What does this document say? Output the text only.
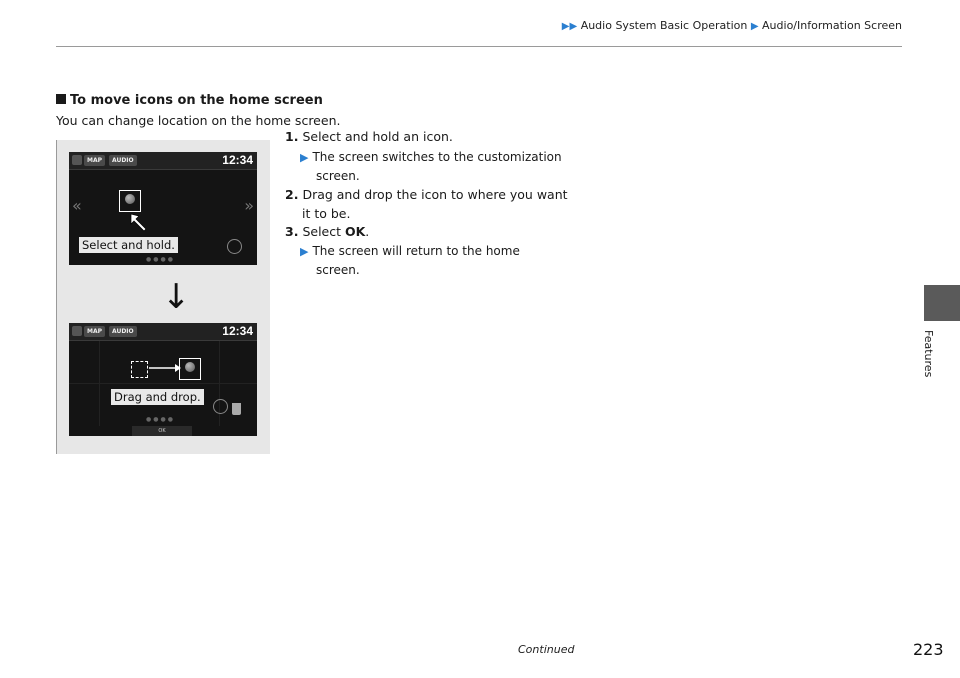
▶▶ Audio System Basic Operation ▶ Audio/Information Screen
Features
To move icons on the home screen
You can change location on the home screen.
MAP	AUDIO	12:34
«	»
Select and hold.
●●●●
↓
MAP	AUDIO	12:34
Drag and drop.
●●●●
OK
1. Select and hold an icon.
▶ The screen switches to the customization
screen.
2. Drag and drop the icon to where you want
it to be.
3. Select OK.
▶ The screen will return to the home
screen.
Continued	223
